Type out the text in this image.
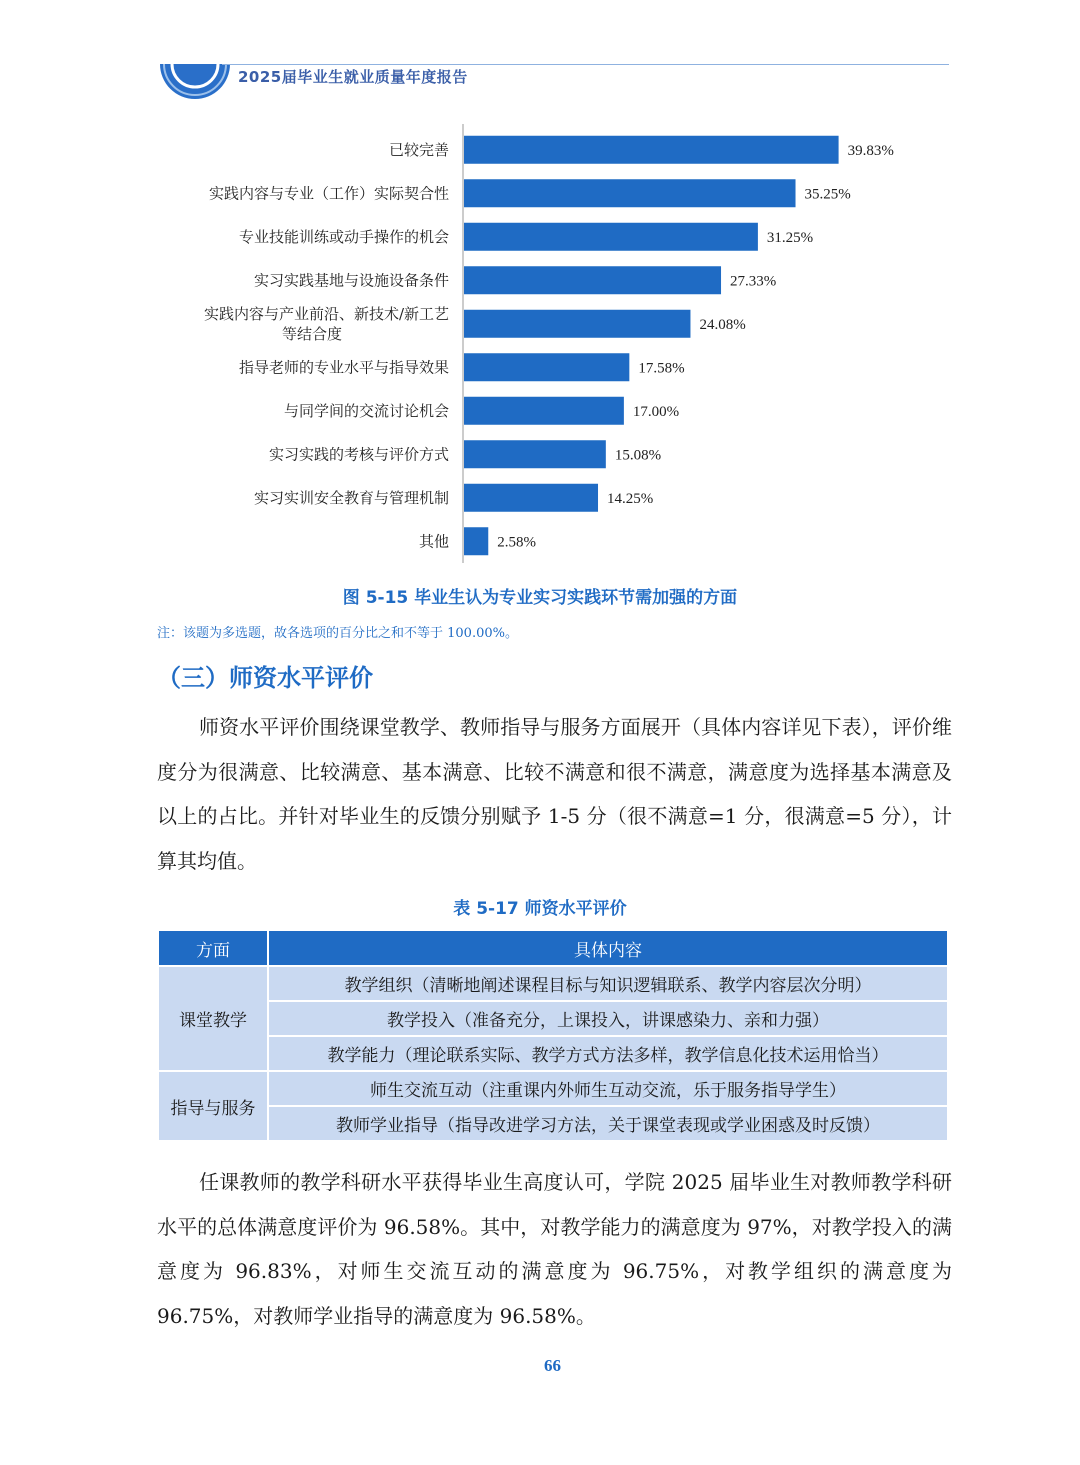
2025届毕业生就业质量年度报告
39.83%
已较完善
35.25%
实践内容与专业（工作）实际契合性
31.25%
专业技能训练或动手操作的机会
27.33%
实习实践基地与设施设备条件
24.08%
实践内容与产业前沿、新技术/新工艺等结合度
17.58%
指导老师的专业水平与指导效果
17.00%
与同学间的交流讨论机会
15.08%
实习实践的考核与评价方式
14.25%
实习实训安全教育与管理机制
2.58%
其他
图 5-15 毕业生认为专业实习实践环节需加强的方面
注：该题为多选题，故各选项的百分比之和不等于 100.00%。
（三）师资水平评价

师资水平评价围绕课堂教学、教师指导与服务方面展开（具体内容详见下表），评价维度分为很满意、比较满意、基本满意、比较不满意和很不满意，满意度为选择基本满意及以上的占比。并针对毕业生的反馈分别赋予 1-5 分（很不满意=1 分，很满意=5 分），计算其均值。

表 5-17 师资水平评价
方面	具体内容
课堂教学	教学组织（清晰地阐述课程目标与知识逻辑联系、教学内容层次分明）
	教学投入（准备充分，上课投入，讲课感染力、亲和力强）
	教学能力（理论联系实际、教学方式方法多样，教学信息化技术运用恰当）
指导与服务	师生交流互动（注重课内外师生互动交流，乐于服务指导学生）
	教师学业指导（指导改进学习方法，关于课堂表现或学业困惑及时反馈）

任课教师的教学科研水平获得毕业生高度认可，学院 2025 届毕业生对教师教学科研水平的总体满意度评价为 96.58%。其中，对教学能力的满意度为 97%，对教学投入的满意度为 96.83%，对师生交流互动的满意度为 96.75%，对教学组织的满意度为 96.75%，对教师学业指导的满意度为 96.58%。

66
